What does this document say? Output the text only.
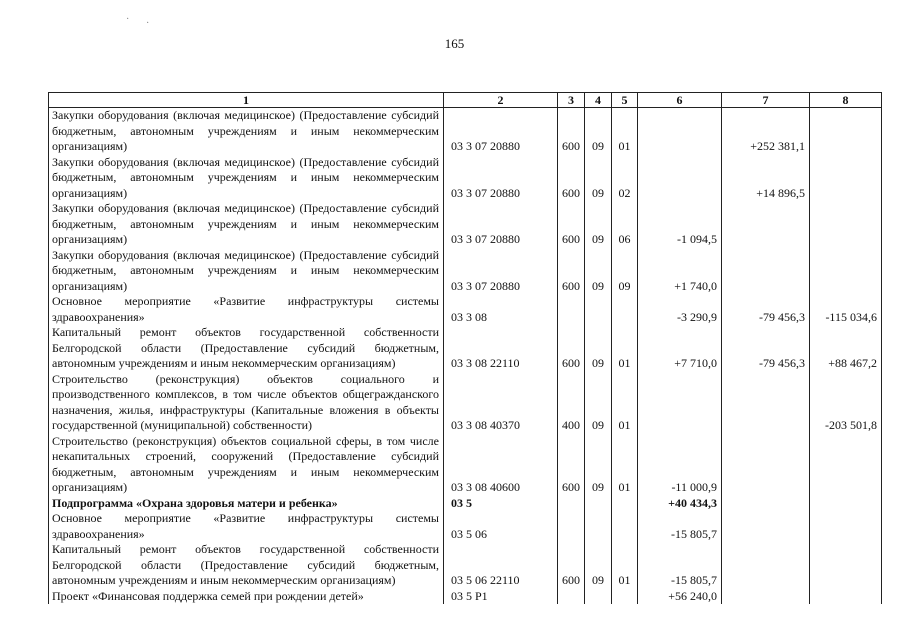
165
1	2	3	4	5	6	7	8
Закупки оборудования (включая медицинское) (Предоставление субсидий бюджетным, автономным учреждениям и иным некоммерческим организациям)	03 3 07 20880	600	09	01		+252 381,1	
Закупки оборудования (включая медицинское) (Предоставление субсидий бюджетным, автономным учреждениям и иным некоммерческим организациям)	03 3 07 20880	600	09	02		+14 896,5	
Закупки оборудования (включая медицинское) (Предоставление субсидий бюджетным, автономным учреждениям и иным некоммерческим организациям)	03 3 07 20880	600	09	06	-1 094,5		
Закупки оборудования (включая медицинское) (Предоставление субсидий бюджетным, автономным учреждениям и иным некоммерческим организациям)	03 3 07 20880	600	09	09	+1 740,0		
Основное мероприятие «Развитие инфраструктуры системы здравоохранения»	03 3 08				-3 290,9	-79 456,3	-115 034,6
Капитальный ремонт объектов государственной собственности Белгородской области (Предоставление субсидий бюджетным, автономным учреждениям и иным некоммерческим организациям)	03 3 08 22110	600	09	01	+7 710,0	-79 456,3	+88 467,2
Строительство (реконструкция) объектов социального и производственного комплексов, в том числе объектов общегражданского назначения, жилья, инфраструктуры (Капитальные вложения в объекты государственной (муниципальной) собственности)	03 3 08 40370	400	09	01			-203 501,8
Строительство (реконструкция) объектов социальной сферы, в том числе некапитальных строений, сооружений (Предоставление субсидий бюджетным, автономным учреждениям и иным некоммерческим организациям)	03 3 08 40600	600	09	01	-11 000,9		
Подпрограмма «Охрана здоровья матери и ребенка»	03 5				+40 434,3		
Основное мероприятие «Развитие инфраструктуры системы здравоохранения»	03 5 06				-15 805,7		
Капитальный ремонт объектов государственной собственности Белгородской области (Предоставление субсидий бюджетным, автономным учреждениям и иным некоммерческим организациям)	03 5 06 22110	600	09	01	-15 805,7		
Проект «Финансовая поддержка семей при рождении детей»	03 5 P1				+56 240,0		
· ·
